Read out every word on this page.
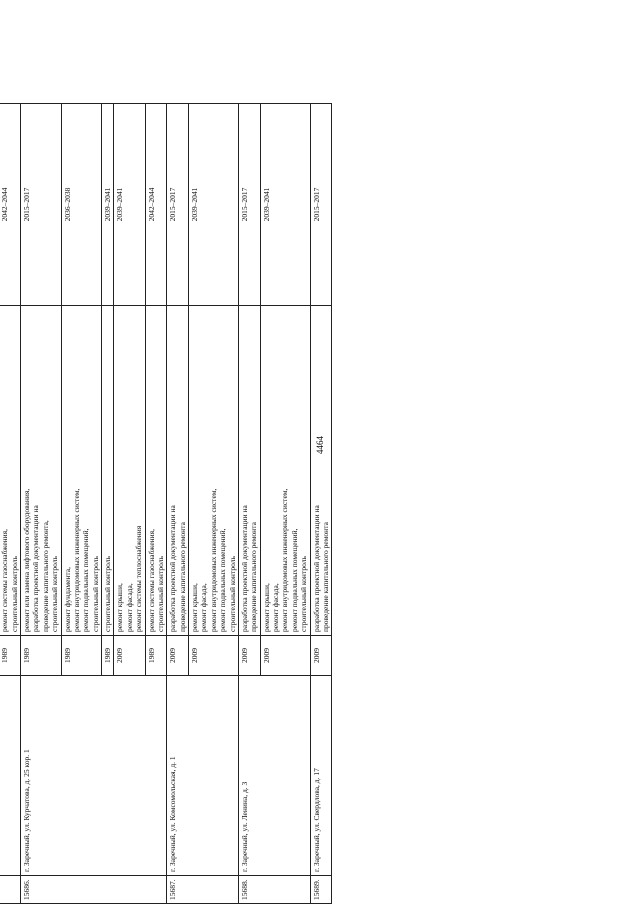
4464

		1989	ремонт системы газоснабжения, строительный контроль	2042–2044
15686.	г. Заречный, ул. Курчатова, д. 25 кор. 1	1989	ремонт или замена лифтового оборудования, разработка проектной документации на проведение капитального ремонта, строительный контроль	2015–2017
		1989	ремонт фундамента, ремонт внутридомовых инженерных систем, ремонт подвальных помещений, строительный контроль	2036–2038
		1989	строительный контроль	2039–2041
		2009	ремонт крыши, ремонт фасада, ремонт системы теплоснабжения	2039–2041
		1989	ремонт системы газоснабжения, строительный контроль	2042–2044
15687.	г. Заречный, ул. Комсомольская, д. 1	2009	разработка проектной документации на проведение капитального ремонта	2015–2017
		2009	ремонт крыши, ремонт фасада, ремонт внутридомовых инженерных систем, ремонт подвальных помещений, строительный контроль	2039–2041
15688.	г. Заречный, ул. Ленина, д. 3	2009	разработка проектной документации на проведение капитального ремонта	2015–2017
		2009	ремонт крыши, ремонт фасада, ремонт внутридомовых инженерных систем, ремонт подвальных помещений, строительный контроль	2039–2041
15689.	г. Заречный, ул. Свердлова, д. 17	2009	разработка проектной документации на проведение капитального ремонта	2015–2017
